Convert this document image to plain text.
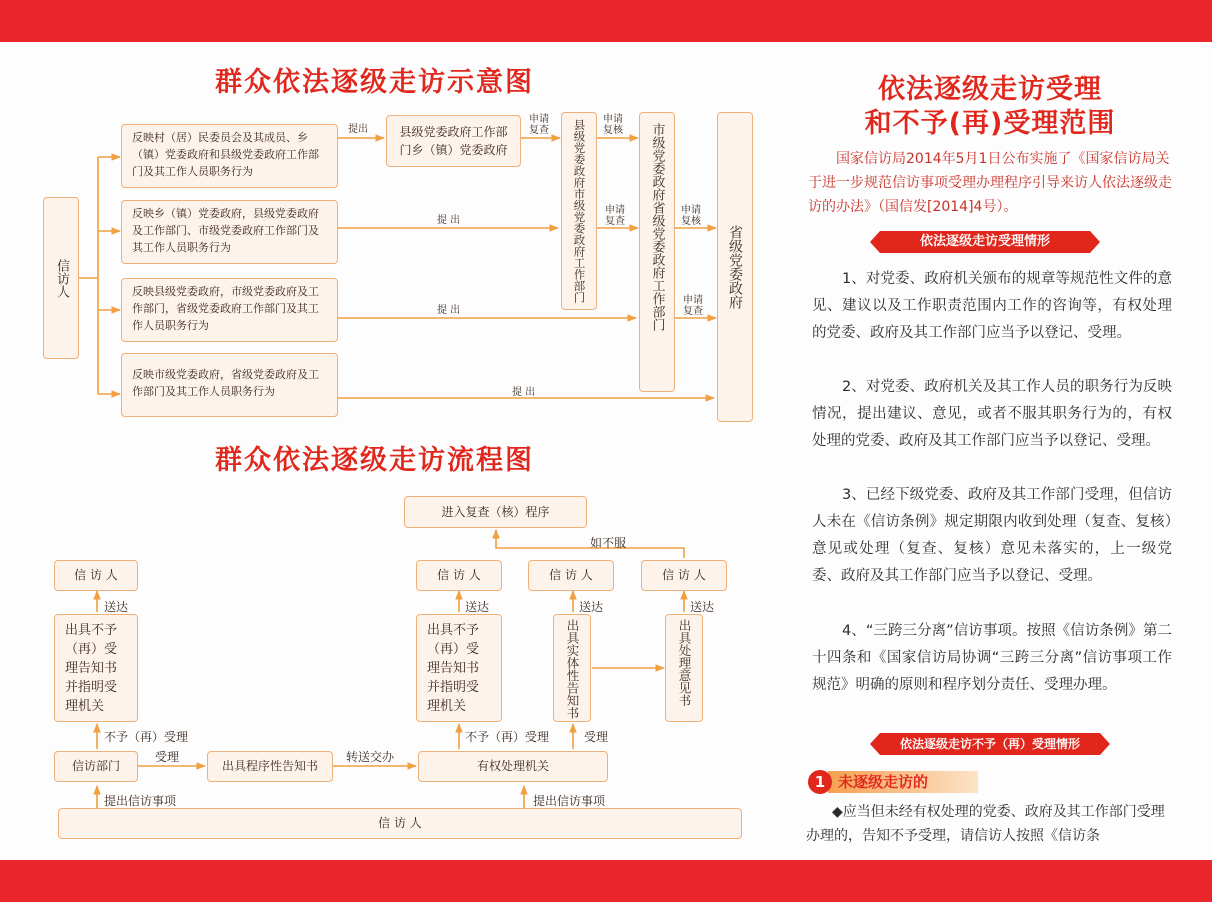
群众依法逐级走访示意图
信访人
反映村（居）民委员会及其成员、乡（镇）党委政府和县级党委政府工作部门及其工作人员职务行为
反映乡（镇）党委政府，县级党委政府及工作部门、市级党委政府工作部门及其工作人员职务行为
反映县级党委政府，市级党委政府及工作部门，省级党委政府工作部门及其工作人员职务行为
反映市级党委政府，省级党委政府及工作部门及其工作人员职务行为
县级党委政府工作部门乡（镇）党委政府	县级党委政府市级党委政府工作部门	市级党委政府省级党委政府工作部门	省级党委政府
提出
申请复查
申请复核
提 出
申请复查
申请复核
提 出
申请复查
提 出
群众依法逐级走访流程图
进入复查（核）程序
如不服
信 访 人	信 访 人	信 访 人	信 访 人
送达	送达	送达	送达
出具不予（再）受理告知书并指明受理机关
出具不予（再）受理告知书并指明受理机关	出具实体性告知书	出具处理意见书
不予（再）受理	不予（再）受理	受理
受理	转送交办
信访部门	出具程序性告知书	有权处理机关
提出信访事项	提出信访事项
信 访 人
依法逐级走访受理
和不予(再)受理范围
国家信访局2014年5月1日公布实施了《国家信访局关于进一步规范信访事项受理办理程序引导来访人依法逐级走访的办法》（国信发[2014]4号）。
依法逐级走访受理情形
1、对党委、政府机关颁布的规章等规范性文件的意见、建议以及工作职责范围内工作的咨询等，有权处理的党委、政府及其工作部门应当予以登记、受理。
2、对党委、政府机关及其工作人员的职务行为反映情况，提出建议、意见，或者不服其职务行为的，有权处理的党委、政府及其工作部门应当予以登记、受理。
3、已经下级党委、政府及其工作部门受理，但信访人未在《信访条例》规定期限内收到处理（复查、复核）意见或处理（复查、复核）意见未落实的，上一级党委、政府及其工作部门应当予以登记、受理。
4、“三跨三分离”信访事项。按照《信访条例》第二十四条和《国家信访局协调“三跨三分离”信访事项工作规范》明确的原则和程序划分责任、受理办理。
依法逐级走访不予（再）受理情形
未逐级走访的
1
◆应当但未经有权处理的党委、政府及其工作部门受理办理的，告知不予受理，请信访人按照《信访条
